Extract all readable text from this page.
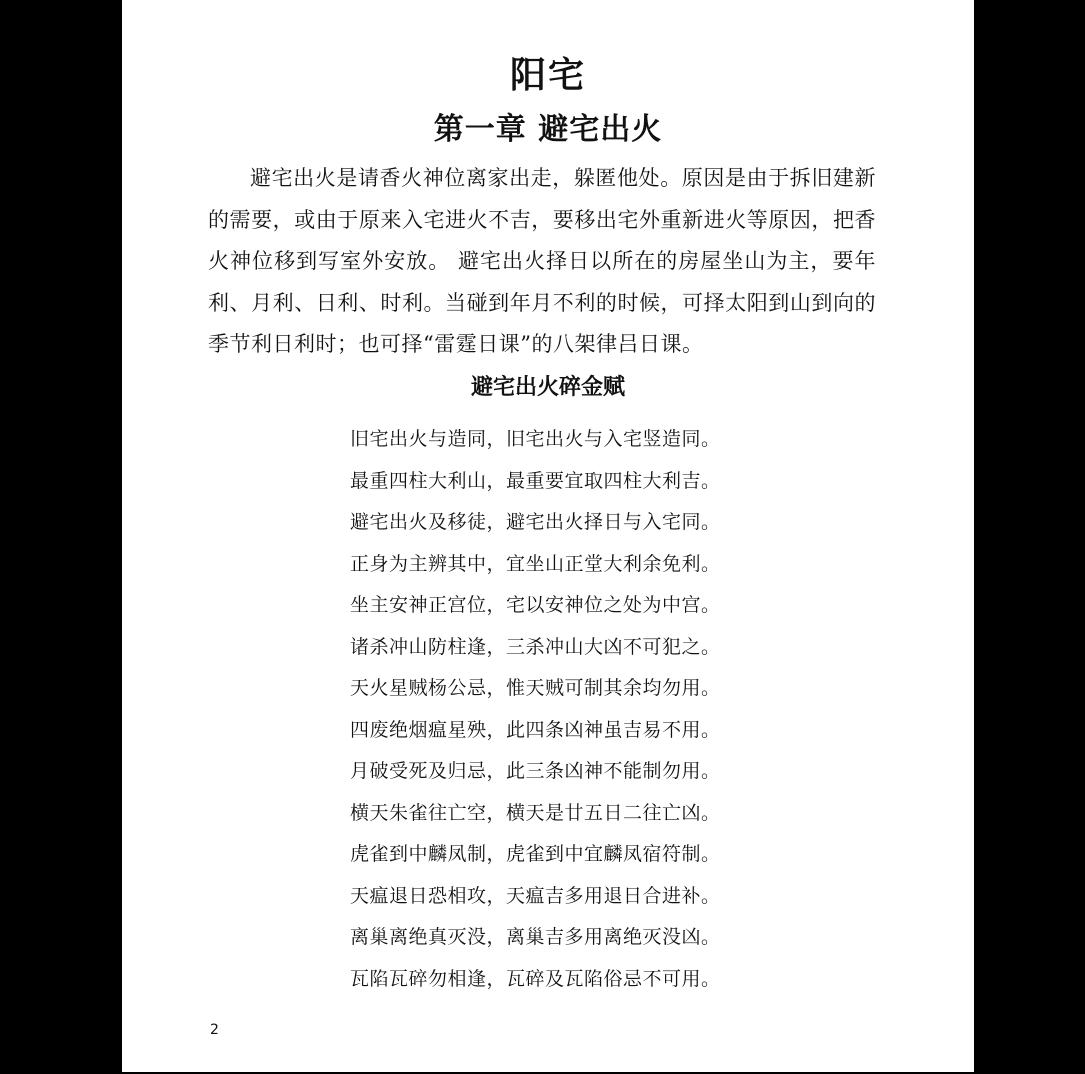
阳宅
第一章 避宅出火

避宅出火是请香火神位离家出走，躲匿他处。原因是由于拆旧建新的需要，或由于原来入宅进火不吉，要移出宅外重新进火等原因，把香火神位移到写室外安放。 避宅出火择日以所在的房屋坐山为主，要年利、月利、日利、时利。当碰到年月不利的时候，可择太阳到山到向的季节利日利时；也可择“雷霆日课”的八架律吕日课。

避宅出火碎金赋
旧宅出火与造同，旧宅出火与入宅竖造同。
最重四柱大利山，最重要宜取四柱大利吉。
避宅出火及移徒，避宅出火择日与入宅同。
正身为主辨其中，宜坐山正堂大利余免利。
坐主安神正宫位，宅以安神位之处为中宫。
诸杀冲山防柱逢，三杀冲山大凶不可犯之。
天火星贼杨公忌，惟天贼可制其余均勿用。
四废绝烟瘟星殃，此四条凶神虽吉易不用。
月破受死及归忌，此三条凶神不能制勿用。
横天朱雀往亡空，横天是廿五日二往亡凶。
虎雀到中麟凤制，虎雀到中宜麟凤宿符制。
天瘟退日恐相攻，天瘟吉多用退日合进补。
离巢离绝真灭没，离巢吉多用离绝灭没凶。
瓦陷瓦碎勿相逢，瓦碎及瓦陷俗忌不可用。
2
